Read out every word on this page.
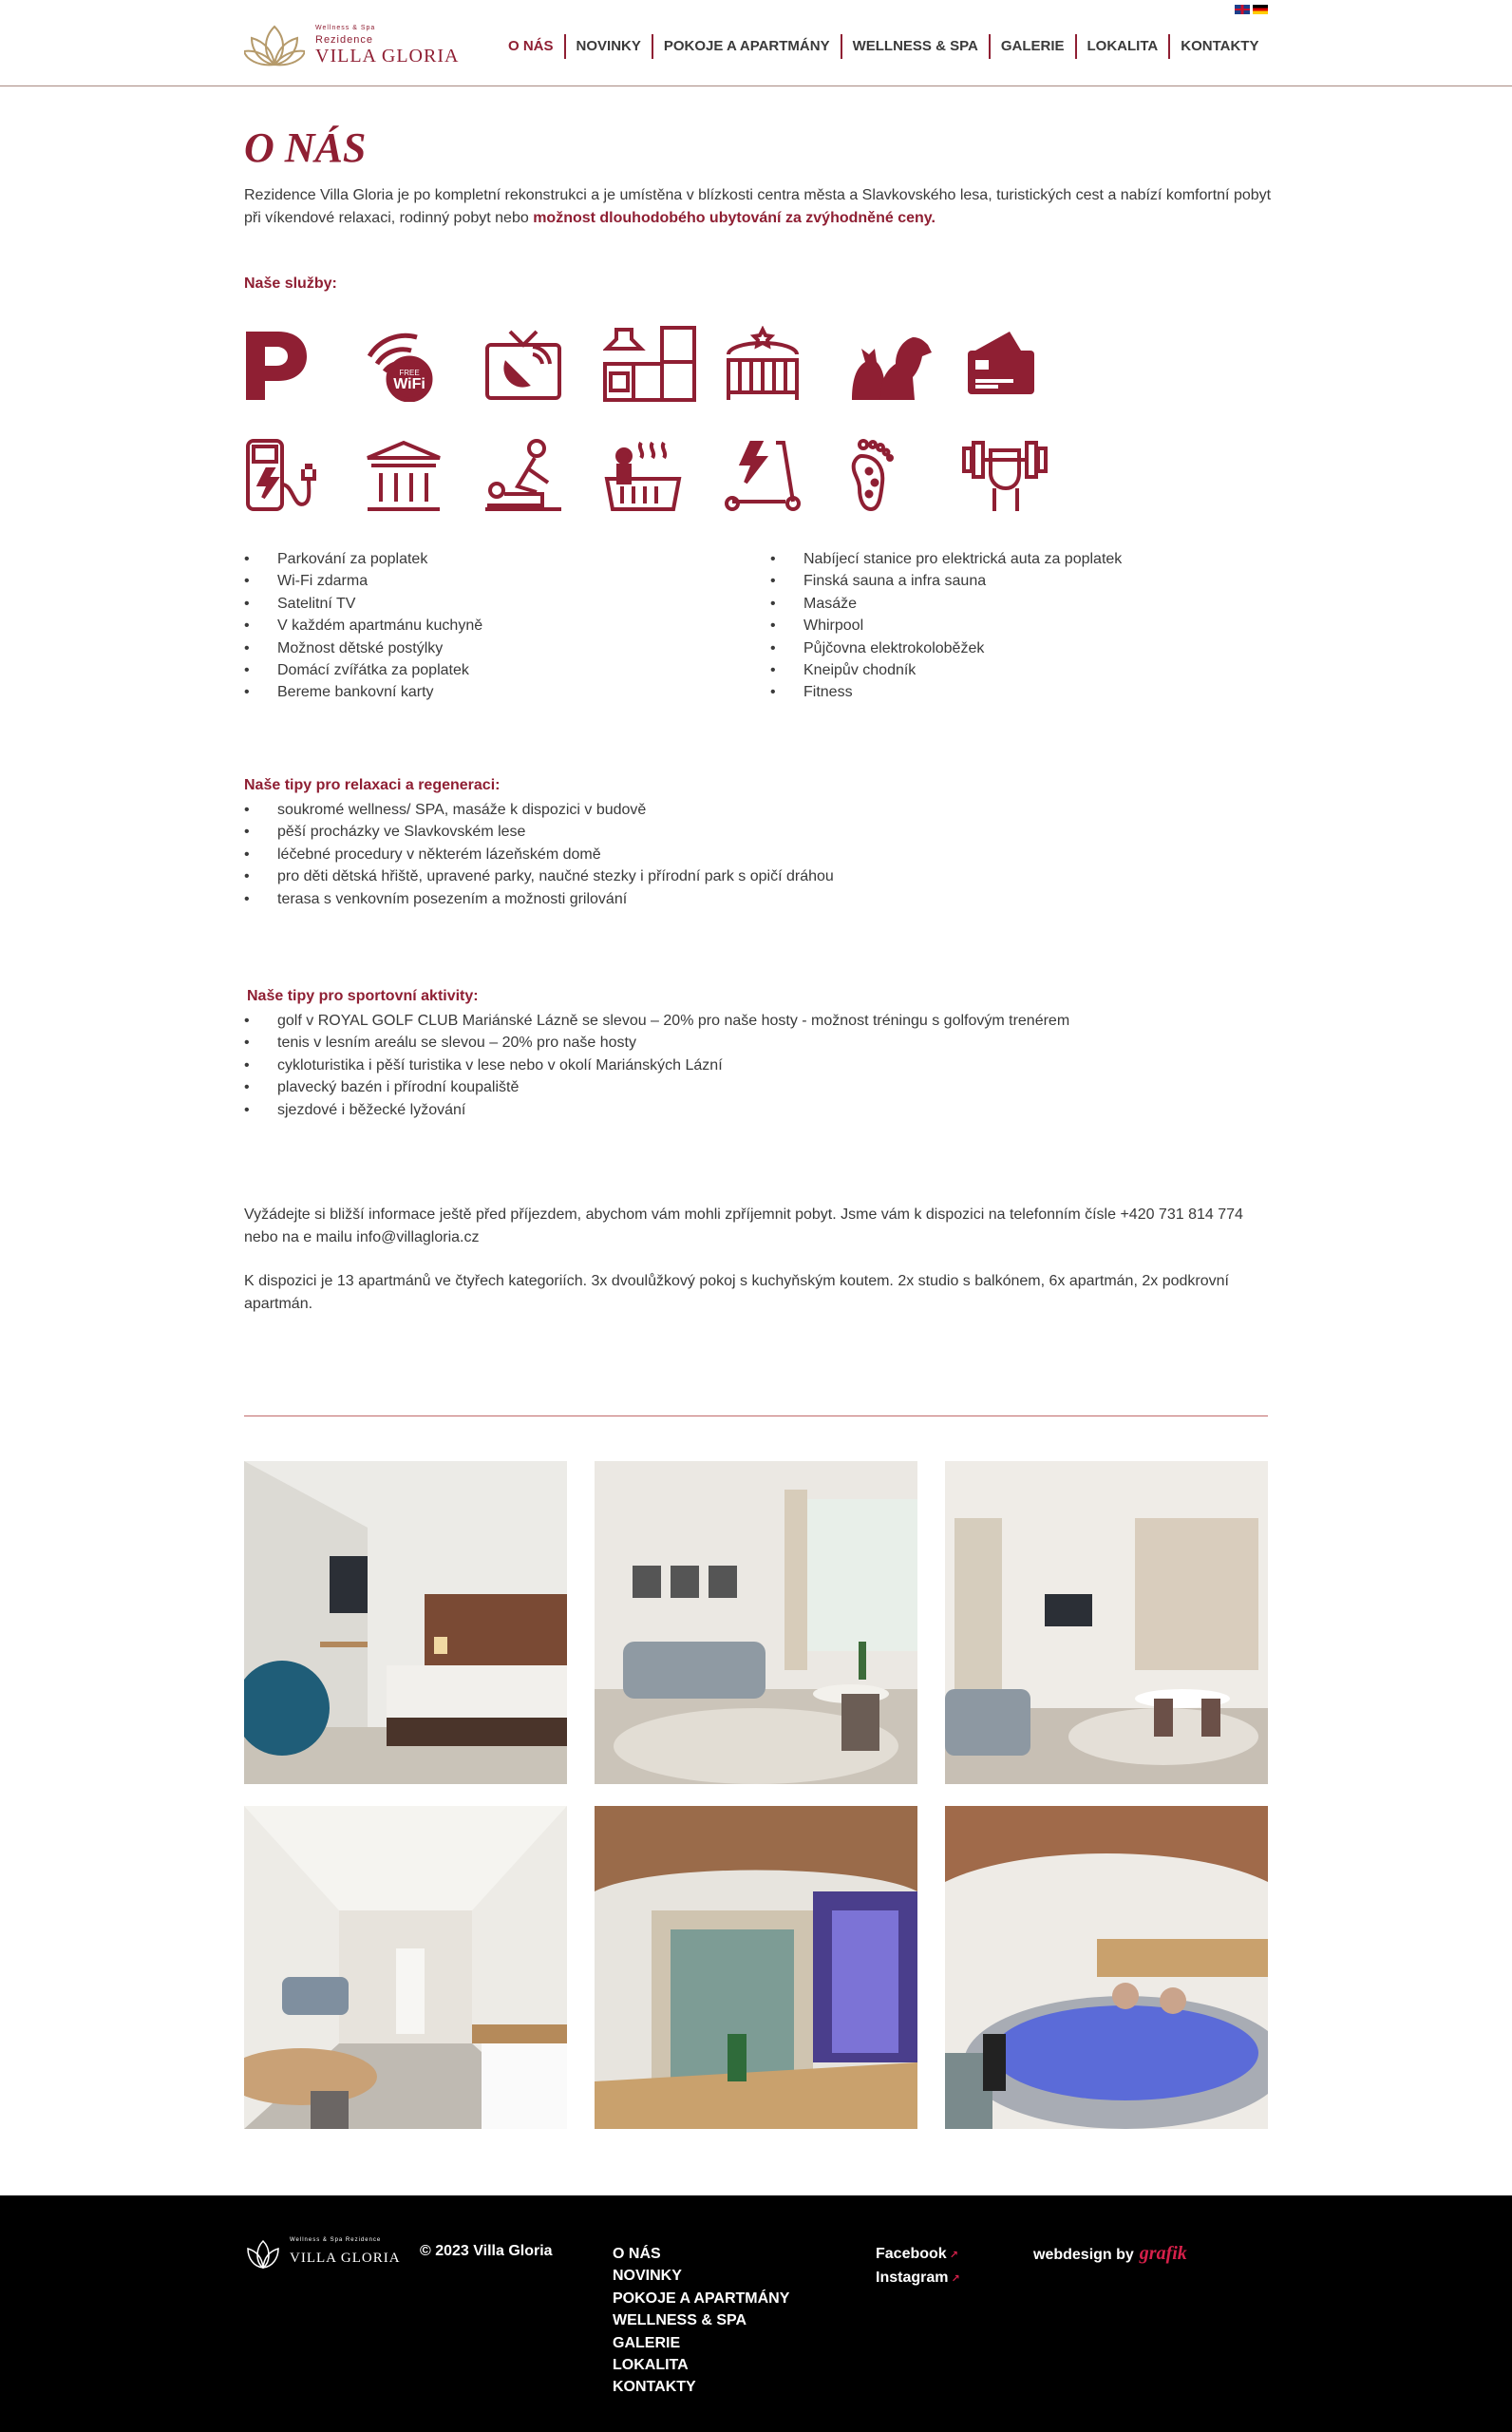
Wellness & Spa
Rezidence
VILLA GLORIA	O NÁS	NOVINKY	POKOJE A APARTMÁNY	WELLNESS & SPA	GALERIE	LOKALITA	KONTAKTY
O NÁS
Rezidence Villa Gloria je po kompletní rekonstrukci a je umístěna v blízkosti centra města a Slavkovského lesa, turistických cest a nabízí komfortní pobyt při víkendové relaxaci, rodinný pobyt nebo možnost dlouhodobého ubytování za zvýhodněné ceny.
Naše služby:
FREE
WiFi
• Parkování za poplatek
• Wi-Fi zdarma
• Satelitní TV
• V každém apartmánu kuchyně
• Možnost dětské postýlky
• Domácí zvířátka za poplatek
• Bereme bankovní karty
• Nabíjecí stanice pro elektrická auta za poplatek
• Finská sauna a infra sauna
• Masáže
• Whirpool
• Půjčovna elektrokoloběžek
• Kneipův chodník
• Fitness
Naše tipy pro relaxaci a regeneraci:
• soukromé wellness/ SPA, masáže k dispozici v budově
• pěší procházky ve Slavkovském lese
• léčebné procedury v některém lázeňském domě
• pro děti dětská hřiště, upravené parky, naučné stezky i přírodní park s opičí dráhou
• terasa s venkovním posezením a možnosti grilování
Naše tipy pro sportovní aktivity:
• golf v ROYAL GOLF CLUB Mariánské Lázně se slevou – 20% pro naše hosty - možnost tréningu s golfovým trenérem
• tenis v lesním areálu se slevou – 20% pro naše hosty
• cykloturistika i pěší turistika v lese nebo v okolí Mariánských Lázní
• plavecký bazén i přírodní koupaliště
• sjezdové i běžecké lyžování
Vyžádejte si bližší informace ještě před příjezdem, abychom vám mohli zpříjemnit pobyt. Jsme vám k dispozici na telefonním čísle +420 731 814 774 nebo na e mailu info@villagloria.cz
K dispozici je 13 apartmánů ve čtyřech kategoriích. 3x dvoulůžkový pokoj s kuchyňským koutem. 2x studio s balkónem, 6x apartmán, 2x podkrovní apartmán.
Wellness & Spa Rezidence
VILLA GLORIA © 2023 Villa Gloria	O NÁS
NOVINKY
POKOJE A APARTMÁNY
WELLNESS & SPA
GALERIE
LOKALITA
KONTAKTY
Facebook ↗
Instagram ↗
webdesign by grafik
